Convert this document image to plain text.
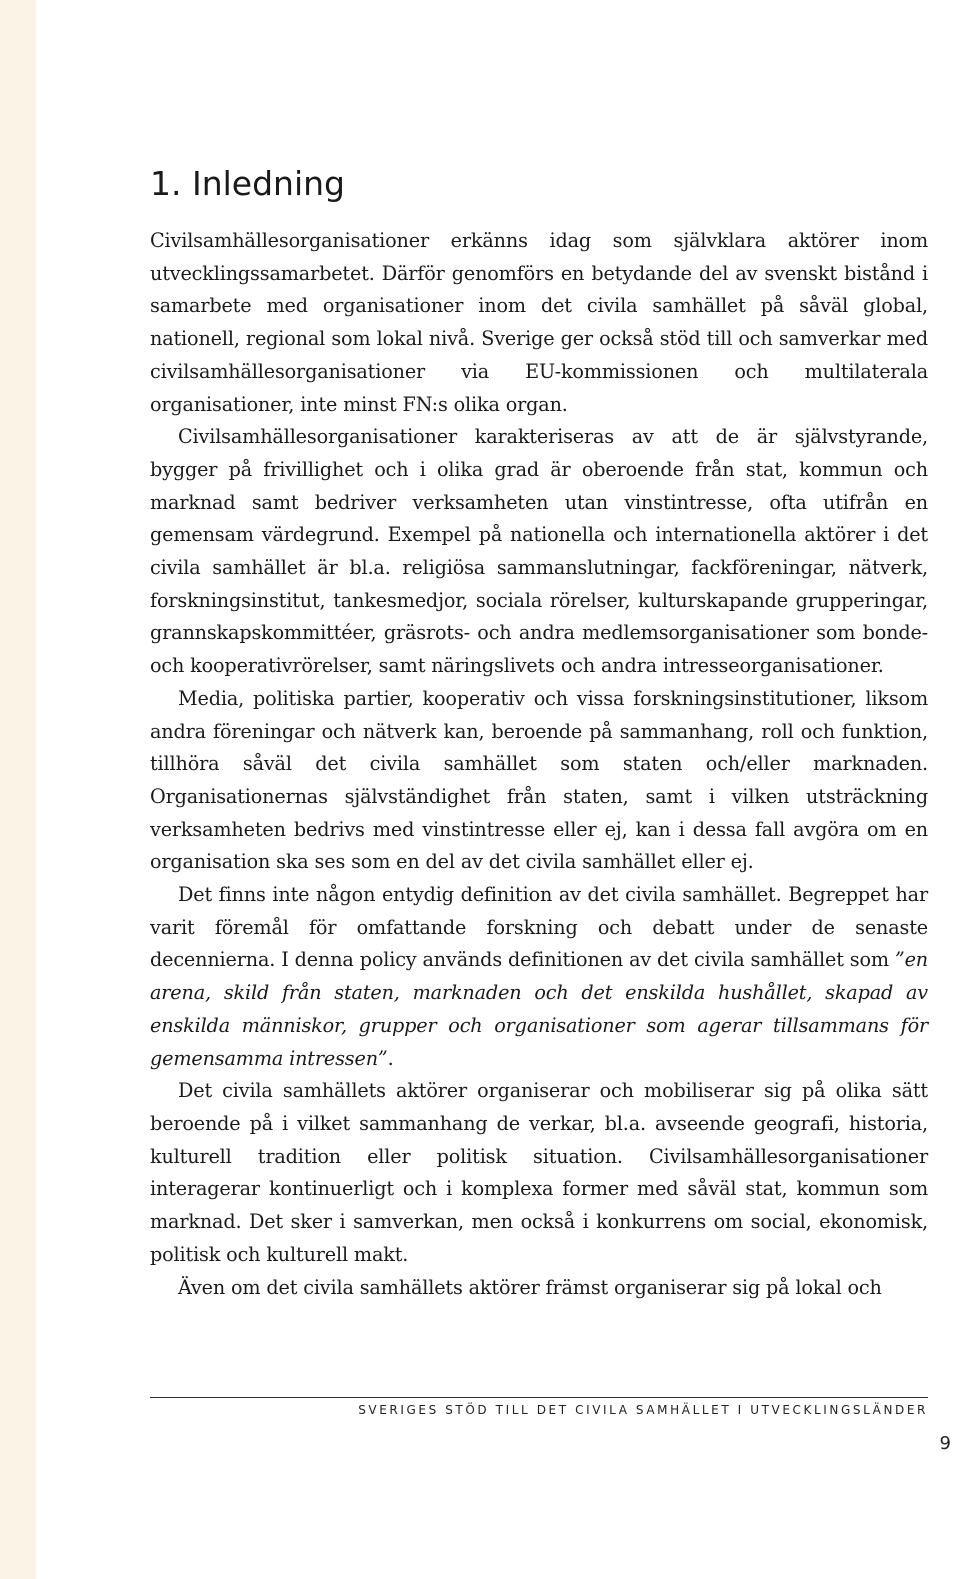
1. Inledning

Civilsamhällesorganisationer erkänns idag som självklara aktörer inom utvecklingssamarbetet. Därför genomförs en betydande del av svenskt bistånd i samarbete med organisationer inom det civila samhället på såväl global, nationell, regional som lokal nivå. Sverige ger också stöd till och samverkar med civilsamhällesorganisationer via EU-kommissionen och multilaterala organisationer, inte minst FN:s olika organ.

Civilsamhällesorganisationer karakteriseras av att de är självstyrande, bygger på frivillighet och i olika grad är oberoende från stat, kommun och marknad samt bedriver verksamheten utan vinstintresse, ofta utifrån en gemensam värdegrund. Exempel på nationella och internationella aktörer i det civila samhället är bl.a. religiösa sammanslutningar, fackföreningar, nätverk, forskningsinstitut, tankesmedjor, sociala rörelser, kulturskapande grupperingar, grannskapskommittéer, gräsrots- och andra medlemsorganisationer som bonde- och kooperativrörelser, samt näringslivets och andra intresseorganisationer.

Media, politiska partier, kooperativ och vissa forskningsinstitutioner, liksom andra föreningar och nätverk kan, beroende på sammanhang, roll och funktion, tillhöra såväl det civila samhället som staten och/eller marknaden. Organisationernas självständighet från staten, samt i vilken utsträckning verksamheten bedrivs med vinstintresse eller ej, kan i dessa fall avgöra om en organisation ska ses som en del av det civila samhället eller ej.

Det finns inte någon entydig definition av det civila samhället. Begreppet har varit föremål för omfattande forskning och debatt under de senaste decennierna. I denna policy används definitionen av det civila samhället som ”en arena, skild från staten, marknaden och det enskilda hushållet, skapad av enskilda människor, grupper och organisationer som agerar tillsammans för gemensamma intressen”.

Det civila samhällets aktörer organiserar och mobiliserar sig på olika sätt beroende på i vilket sammanhang de verkar, bl.a. avseende geografi, historia, kulturell tradition eller politisk situation. Civilsamhällesorganisationer interagerar kontinuerligt och i komplexa former med såväl stat, kommun som marknad. Det sker i samverkan, men också i konkurrens om social, ekonomisk, politisk och kulturell makt.

Även om det civila samhällets aktörer främst organiserar sig på lokal och

SVERIGES STÖD TILL DET CIVILA SAMHÄLLET I UTVECKLINGSLÄNDER
9
